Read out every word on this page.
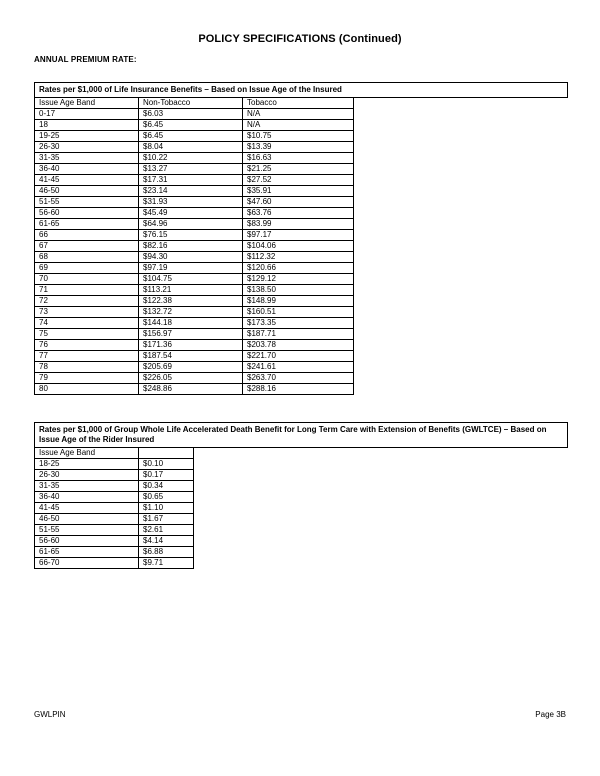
POLICY SPECIFICATIONS (Continued)
ANNUAL PREMIUM RATE:
Rates per $1,000 of Life Insurance Benefits – Based on Issue Age of the Insured			
Issue Age Band	Non-Tobacco	Tobacco	
0-17	$6.03	N/A	
18	$6.45	N/A	
19-25	$6.45	$10.75	
26-30	$8.04	$13.39	
31-35	$10.22	$16.63	
36-40	$13.27	$21.25	
41-45	$17.31	$27.52	
46-50	$23.14	$35.91	
51-55	$31.93	$47.60	
56-60	$45.49	$63.76	
61-65	$64.96	$83.99	
66	$76.15	$97.17	
67	$82.16	$104.06	
68	$94.30	$112.32	
69	$97.19	$120.66	
70	$104.75	$129.12	
71	$113.21	$138.50	
72	$122.38	$148.99	
73	$132.72	$160.51	
74	$144.18	$173.35	
75	$156.97	$187.71	
76	$171.36	$203.78	
77	$187.54	$221.70	
78	$205.69	$241.61	
79	$226.05	$263.70	
80	$248.86	$288.16	
Rates per $1,000 of Group Whole Life Accelerated Death Benefit for Long Term Care with Extension of Benefits (GWLTCE) – Based on Issue Age of the Rider Insured		
Issue Age Band		
18-25	$0.10	
26-30	$0.17	
31-35	$0.34	
36-40	$0.65	
41-45	$1.10	
46-50	$1.67	
51-55	$2.61	
56-60	$4.14	
61-65	$6.88	
66-70	$9.71	
GWLPIN	Page 3B
